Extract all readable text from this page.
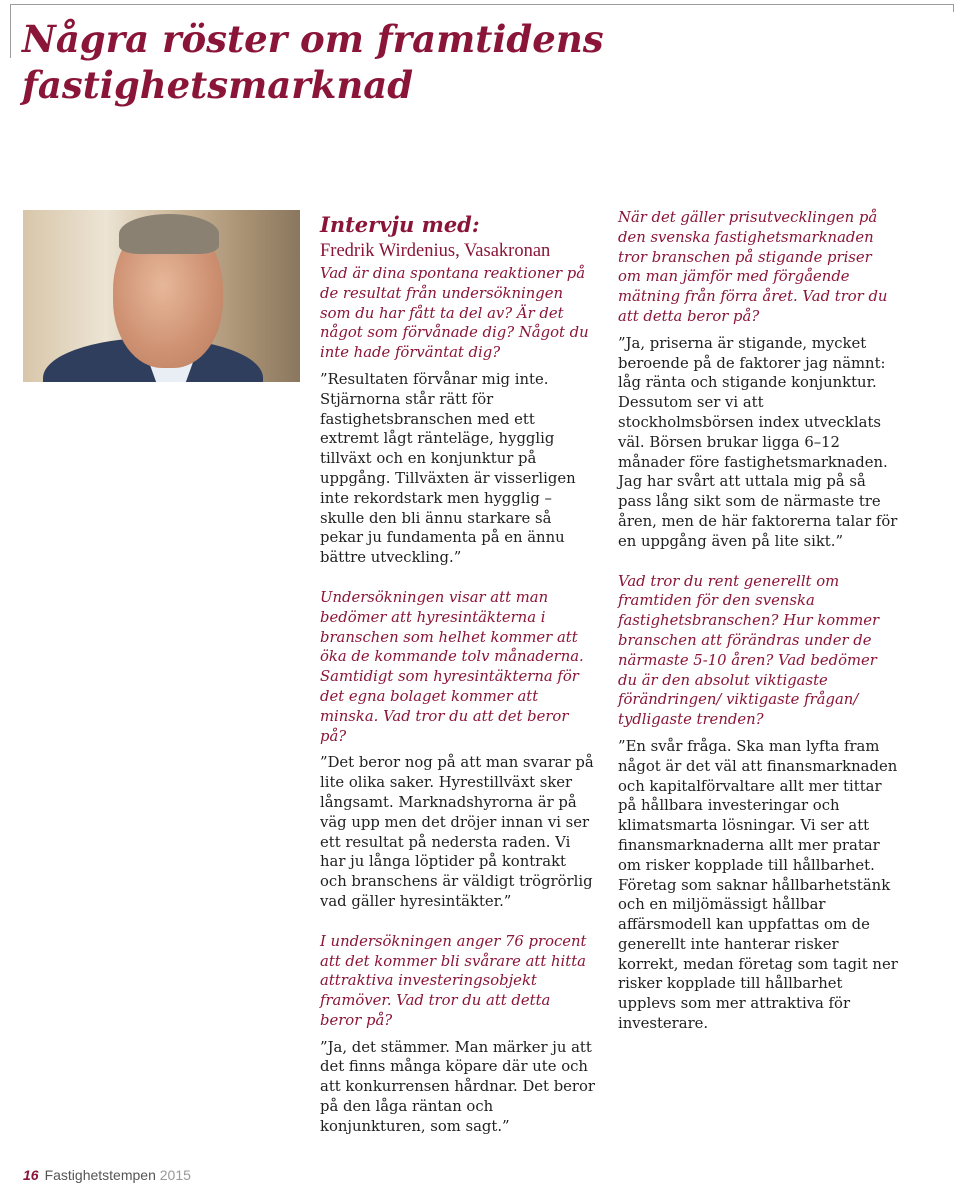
Några röster om framtidens fastighetsmarknad

Intervju med:

Fredrik Wirdenius, Vasakronan

Vad är dina spontana reaktioner på de resultat från undersökningen som du har fått ta del av? Är det något som förvånade dig? Något du inte hade förväntat dig?

”Resultaten förvånar mig inte. Stjärnorna står rätt för fastighetsbranschen med ett extremt lågt ränteläge, hygglig tillväxt och en konjunktur på uppgång. Tillväxten är visserligen inte rekordstark men hygglig – skulle den bli ännu starkare så pekar ju fundamenta på en ännu bättre utveckling.”

Undersökningen visar att man bedömer att hyresintäkterna i branschen som helhet kommer att öka de kommande tolv månaderna. Samtidigt som hyresintäkterna för det egna bolaget kommer att minska. Vad tror du att det beror på?

”Det beror nog på att man svarar på lite olika saker. Hyrestillväxt sker långsamt. Marknadshyrorna är på väg upp men det dröjer innan vi ser ett resultat på nedersta raden. Vi har ju långa löptider på kontrakt och branschens är väldigt trögrörlig vad gäller hyresintäkter.”

I undersökningen anger 76 procent att det kommer bli svårare att hitta attraktiva investeringsobjekt framöver. Vad tror du att detta beror på?

”Ja, det stämmer. Man märker ju att det finns många köpare där ute och att konkurrensen hårdnar. Det beror på den låga räntan och konjunkturen, som sagt.”

När det gäller prisutvecklingen på den svenska fastighetsmarknaden tror branschen på stigande priser om man jämför med förgående mätning från förra året. Vad tror du att detta beror på?

”Ja, priserna är stigande, mycket beroende på de faktorer jag nämnt: låg ränta och stigande konjunktur. Dessutom ser vi att stockholmsbörsen index utvecklats väl. Börsen brukar ligga 6–12 månader före fastighetsmarknaden. Jag har svårt att uttala mig på så pass lång sikt som de närmaste tre åren, men de här faktorerna talar för en uppgång även på lite sikt.”

Vad tror du rent generellt om framtiden för den svenska fastighetsbranschen? Hur kommer branschen att förändras under de närmaste 5-10 åren? Vad bedömer du är den absolut viktigaste förändringen/ viktigaste frågan/ tydligaste trenden?

”En svår fråga. Ska man lyfta fram något är det väl att finansmarknaden och kapitalförvaltare allt mer tittar på hållbara investeringar och klimatsmarta lösningar. Vi ser att finansmarknaderna allt mer pratar om risker kopplade till hållbarhet. Företag som saknar hållbarhetstänk och en miljömässigt hållbar affärsmodell kan uppfattas om de generellt inte hanterar risker korrekt, medan företag som tagit ner risker kopplade till hållbarhet upplevs som mer attraktiva för investerare.

16 Fastighetstempen 2015
